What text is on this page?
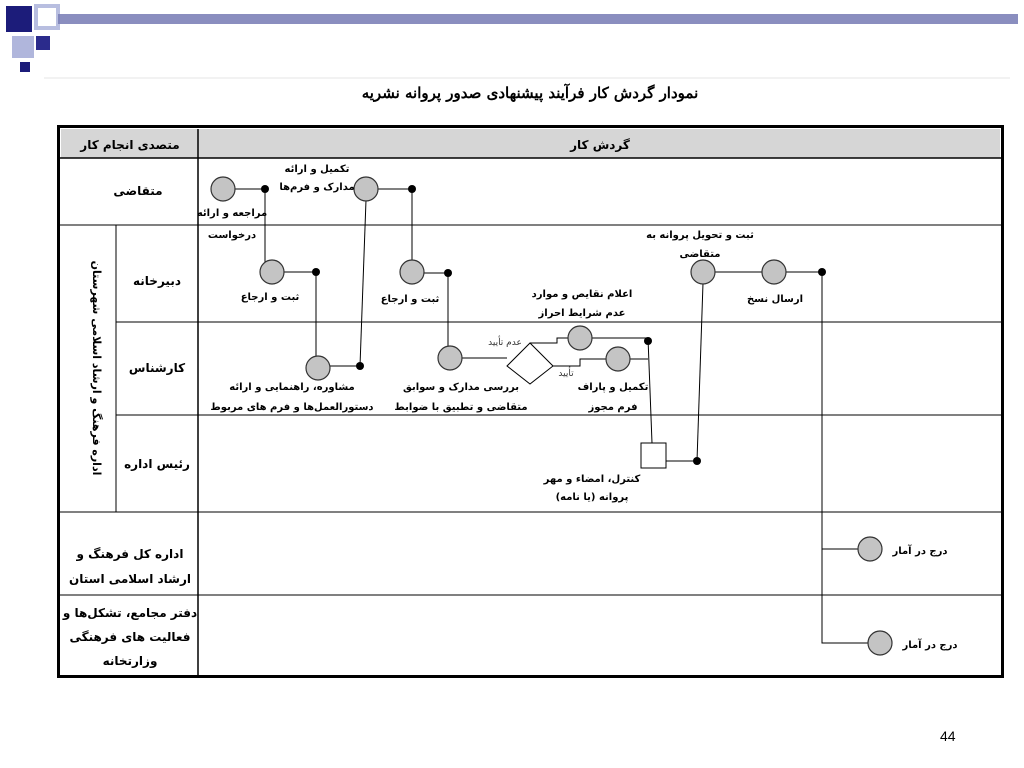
نمودار گردش کار فرآیند پیشنهادی صدور پروانه نشریه
متصدی انجام کار	گردش کار
متقاضی
دبیرخانه
کارشناس
رئیس اداره
اداره فرهنگ و ارشاد اسلامی شهرستان
اداره کل فرهنگ و
ارشاد اسلامی استان
دفتر مجامع، تشکل‌ها و
فعالیت های فرهنگی
وزارتخانه
مراجعه و ارائه
درخواست
تکمیل و ارائه
مدارک و فرم‌ها
ثبت و ارجاع	ثبت و ارجاع
ثبت و تحویل پروانه به
متقاضی
ارسال نسخ
اعلام نقایص و موارد
عدم شرایط احراز
مشاوره، راهنمایی و ارائه
دستورالعمل‌ها و فرم های مربوط
بررسی مدارک و سوابق
متقاضی و تطبیق با ضوابط
تکمیل و پاراف
فرم مجوز
کنترل، امضاء و مهر
پروانه (یا نامه)
درج در آمار
درج در آمار
عدم تأیید
تأیید
44
